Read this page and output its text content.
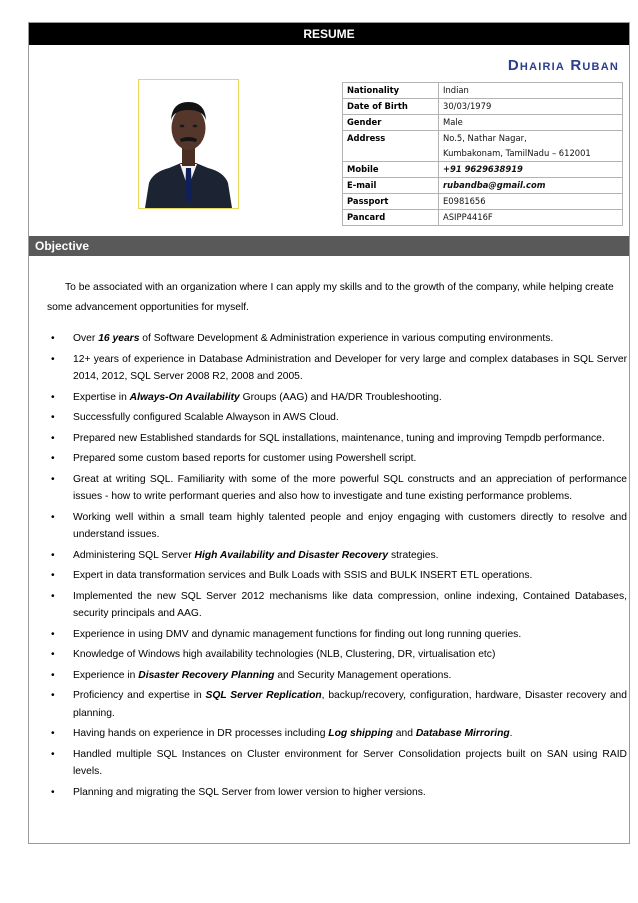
RESUME
Dhairia Ruban
Nationality	Indian
Date of Birth	30/03/1979
Gender	Male
Address	No.5, Nathar Nagar,
Kumbakonam, TamilNadu – 612001

Mobile	+91 9629638919
E-mail	rubandba@gmail.com
Passport	E0981656
Pancard	ASIPP4416F
Objective
To be associated with an organization where I can apply my skills and to the growth of the company, while helping create some advancement opportunities for myself.
• Over 16 years of Software Development & Administration experience in various computing environments.
• 12+ years of experience in Database Administration and Developer for very large and complex databases in SQL Server 2014, 2012, SQL Server 2008 R2, 2008 and 2005.
• Expertise in Always-On Availability Groups (AAG) and HA/DR Troubleshooting.
• Successfully configured Scalable Alwayson in AWS Cloud.
• Prepared new Established standards for SQL installations, maintenance, tuning and improving Tempdb performance.
• Prepared some custom based reports for customer using Powershell script.
• Great at writing SQL. Familiarity with some of the more powerful SQL constructs and an appreciation of performance issues - how to write performant queries and also how to investigate and tune existing performance problems.
• Working well within a small team highly talented people and enjoy engaging with customers directly to resolve and understand issues.
• Administering SQL Server High Availability and Disaster Recovery strategies.
• Expert in data transformation services and Bulk Loads with SSIS and BULK INSERT ETL operations.
• Implemented the new SQL Server 2012 mechanisms like data compression, online indexing, Contained Databases, security principals and AAG.
• Experience in using DMV and dynamic management functions for finding out long running queries.
• Knowledge of Windows high availability technologies (NLB, Clustering, DR, virtualisation etc)
• Experience in Disaster Recovery Planning and Security Management operations.
• Proficiency and expertise in SQL Server Replication, backup/recovery, configuration, hardware, Disaster recovery and planning.
• Having hands on experience in DR processes including Log shipping and Database Mirroring.
• Handled multiple SQL Instances on Cluster environment for Server Consolidation projects built on SAN using RAID levels.
• Planning and migrating the SQL Server from lower version to higher versions.
